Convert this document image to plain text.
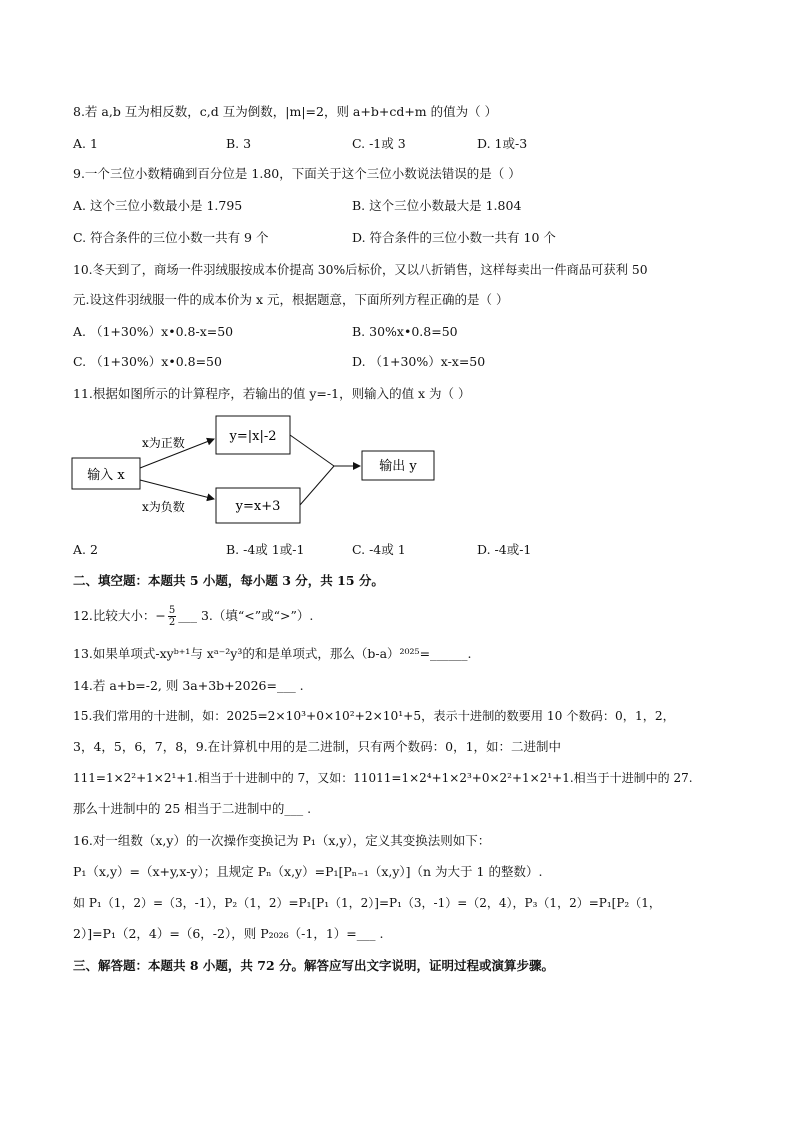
8.若 a,b 互为相反数，c,d 互为倒数，|m|=2，则 a+b+cd+m 的值为（ ）
A. 1	B. 3	C. -1或 3	D. 1或-3
9.一个三位小数精确到百分位是 1.80，下面关于这个三位小数说法错误的是（ ）
A. 这个三位小数最小是 1.795	B. 这个三位小数最大是 1.804
C. 符合条件的三位小数一共有 9 个	D. 符合条件的三位小数一共有 10 个
10.冬天到了，商场一件羽绒服按成本价提高 30%后标价，又以八折销售，这样每卖出一件商品可获利 50
元.设这件羽绒服一件的成本价为 x 元，根据题意，下面所列方程正确的是（ ）
A. （1+30%）x•0.8-x=50	B. 30%x•0.8=50
C. （1+30%）x•0.8=50	D. （1+30%）x-x=50
11.根据如图所示的计算程序，若输出的值 y=-1，则输入的值 x 为（ ）
输入 x
y=|x|-2
y=x+3
输出 y
x为正数
x为负数
A. 2	B. -4或 1或-1	C. -4或 1	D. -4或-1
二、填空题：本题共 5 小题，每小题 3 分，共 15 分。
12.比较大小：− $\frac{5}{2}$ ___ 3.（填“<”或“>”）.
13.如果单项式-xyᵇ⁺¹与 xᵃ⁻²y³的和是单项式，那么（b-a）²⁰²⁵=______.
14.若 a+b=-2, 则 3a+3b+2026=___ .
15.我们常用的十进制，如：2025=2×10³+0×10²+2×10¹+5，表示十进制的数要用 10 个数码：0，1，2，
3，4，5，6，7，8，9.在计算机中用的是二进制，只有两个数码：0，1，如：二进制中
111=1×2²+1×2¹+1.相当于十进制中的 7，又如：11011=1×2⁴+1×2³+0×2²+1×2¹+1.相当于十进制中的 27.
那么十进制中的 25 相当于二进制中的___ .
16.对一组数（x,y）的一次操作变换记为 P₁（x,y），定义其变换法则如下：
P₁（x,y）=（x+y,x-y）；且规定 Pₙ（x,y）=P₁[Pₙ₋₁（x,y）]（n 为大于 1 的整数）.
如 P₁（1，2）=（3，-1），P₂（1，2）=P₁[P₁（1，2）]=P₁（3，-1）=（2，4），P₃（1，2）=P₁[P₂（1，
2）]=P₁（2，4）=（6，-2），则 P₂₀₂₆（-1，1）=___ .
三、解答题：本题共 8 小题，共 72 分。解答应写出文字说明，证明过程或演算步骤。
